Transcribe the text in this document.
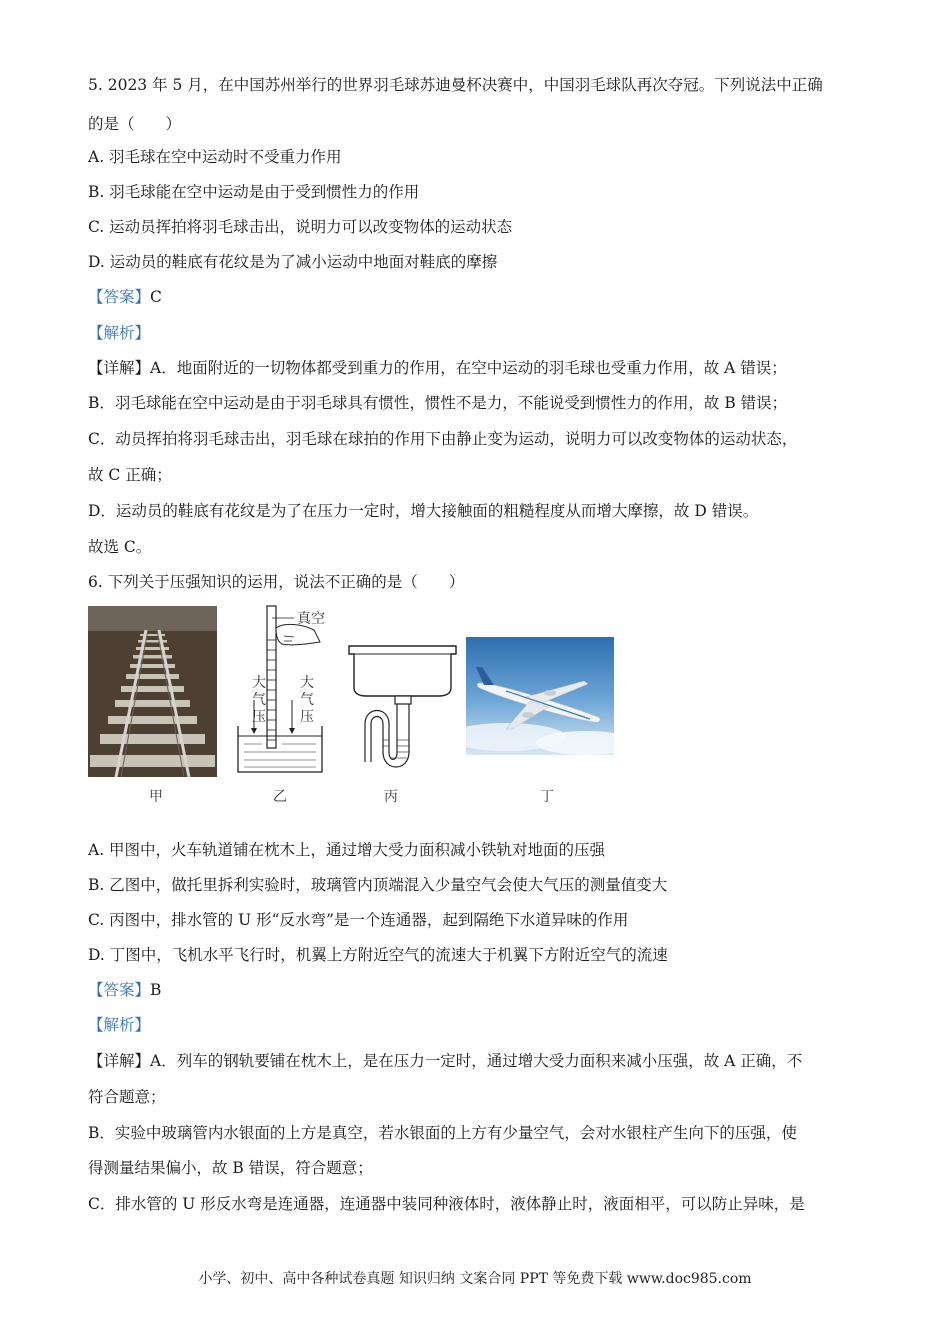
5. 2023 年 5 月，在中国苏州举行的世界羽毛球苏迪曼杯决赛中，中国羽毛球队再次夺冠。下列说法中正确
的是（　　）
A. 羽毛球在空中运动时不受重力作用
B. 羽毛球能在空中运动是由于受到惯性力的作用
C. 运动员挥拍将羽毛球击出，说明力可以改变物体的运动状态
D. 运动员的鞋底有花纹是为了减小运动中地面对鞋底的摩擦
【答案】C
【解析】
【详解】A．地面附近的一切物体都受到重力的作用，在空中运动的羽毛球也受重力作用，故 A 错误；
B．羽毛球能在空中运动是由于羽毛球具有惯性，惯性不是力，不能说受到惯性力的作用，故 B 错误；
C．动员挥拍将羽毛球击出，羽毛球在球拍的作用下由静止变为运动，说明力可以改变物体的运动状态，
故 C 正确；
D．运动员的鞋底有花纹是为了在压力一定时，增大接触面的粗糙程度从而增大摩擦，故 D 错误。
故选 C。
6. 下列关于压强知识的运用，说法不正确的是（　　）
真空
大气压
大气压
甲	乙	丙	丁
A. 甲图中，火车轨道铺在枕木上，通过增大受力面积减小铁轨对地面的压强
B. 乙图中，做托里拆利实验时，玻璃管内顶端混入少量空气会使大气压的测量值变大
C. 丙图中，排水管的 U 形“反水弯”是一个连通器，起到隔绝下水道异味的作用
D. 丁图中，飞机水平飞行时，机翼上方附近空气的流速大于机翼下方附近空气的流速
【答案】B
【解析】
【详解】A．列车的钢轨要铺在枕木上，是在压力一定时，通过增大受力面积来减小压强，故 A 正确，不
符合题意；
B．实验中玻璃管内水银面的上方是真空，若水银面的上方有少量空气，会对水银柱产生向下的压强，使
得测量结果偏小，故 B 错误，符合题意；
C．排水管的 U 形反水弯是连通器，连通器中装同种液体时，液体静止时，液面相平，可以防止异味，是
小学、初中、高中各种试卷真题 知识归纳 文案合同 PPT 等免费下载 www.doc985.com
